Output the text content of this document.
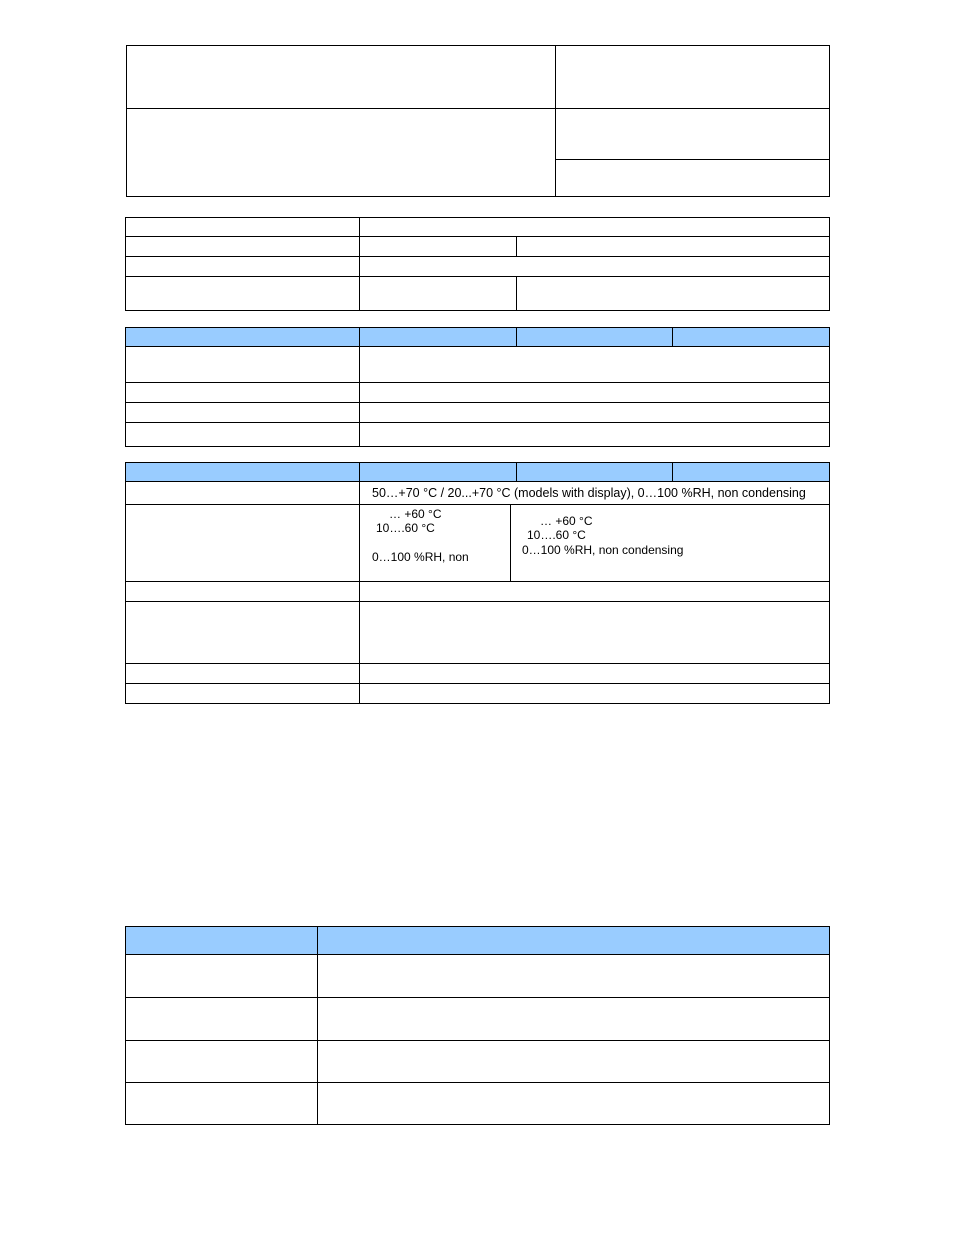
50…+70 °C / 20...+70 °C (models with display), 0…100 %RH, non condensing
… +60 °C
10….60 °C
0…100 %RH, non
… +60 °C
10….60 °C
0…100 %RH, non condensing
